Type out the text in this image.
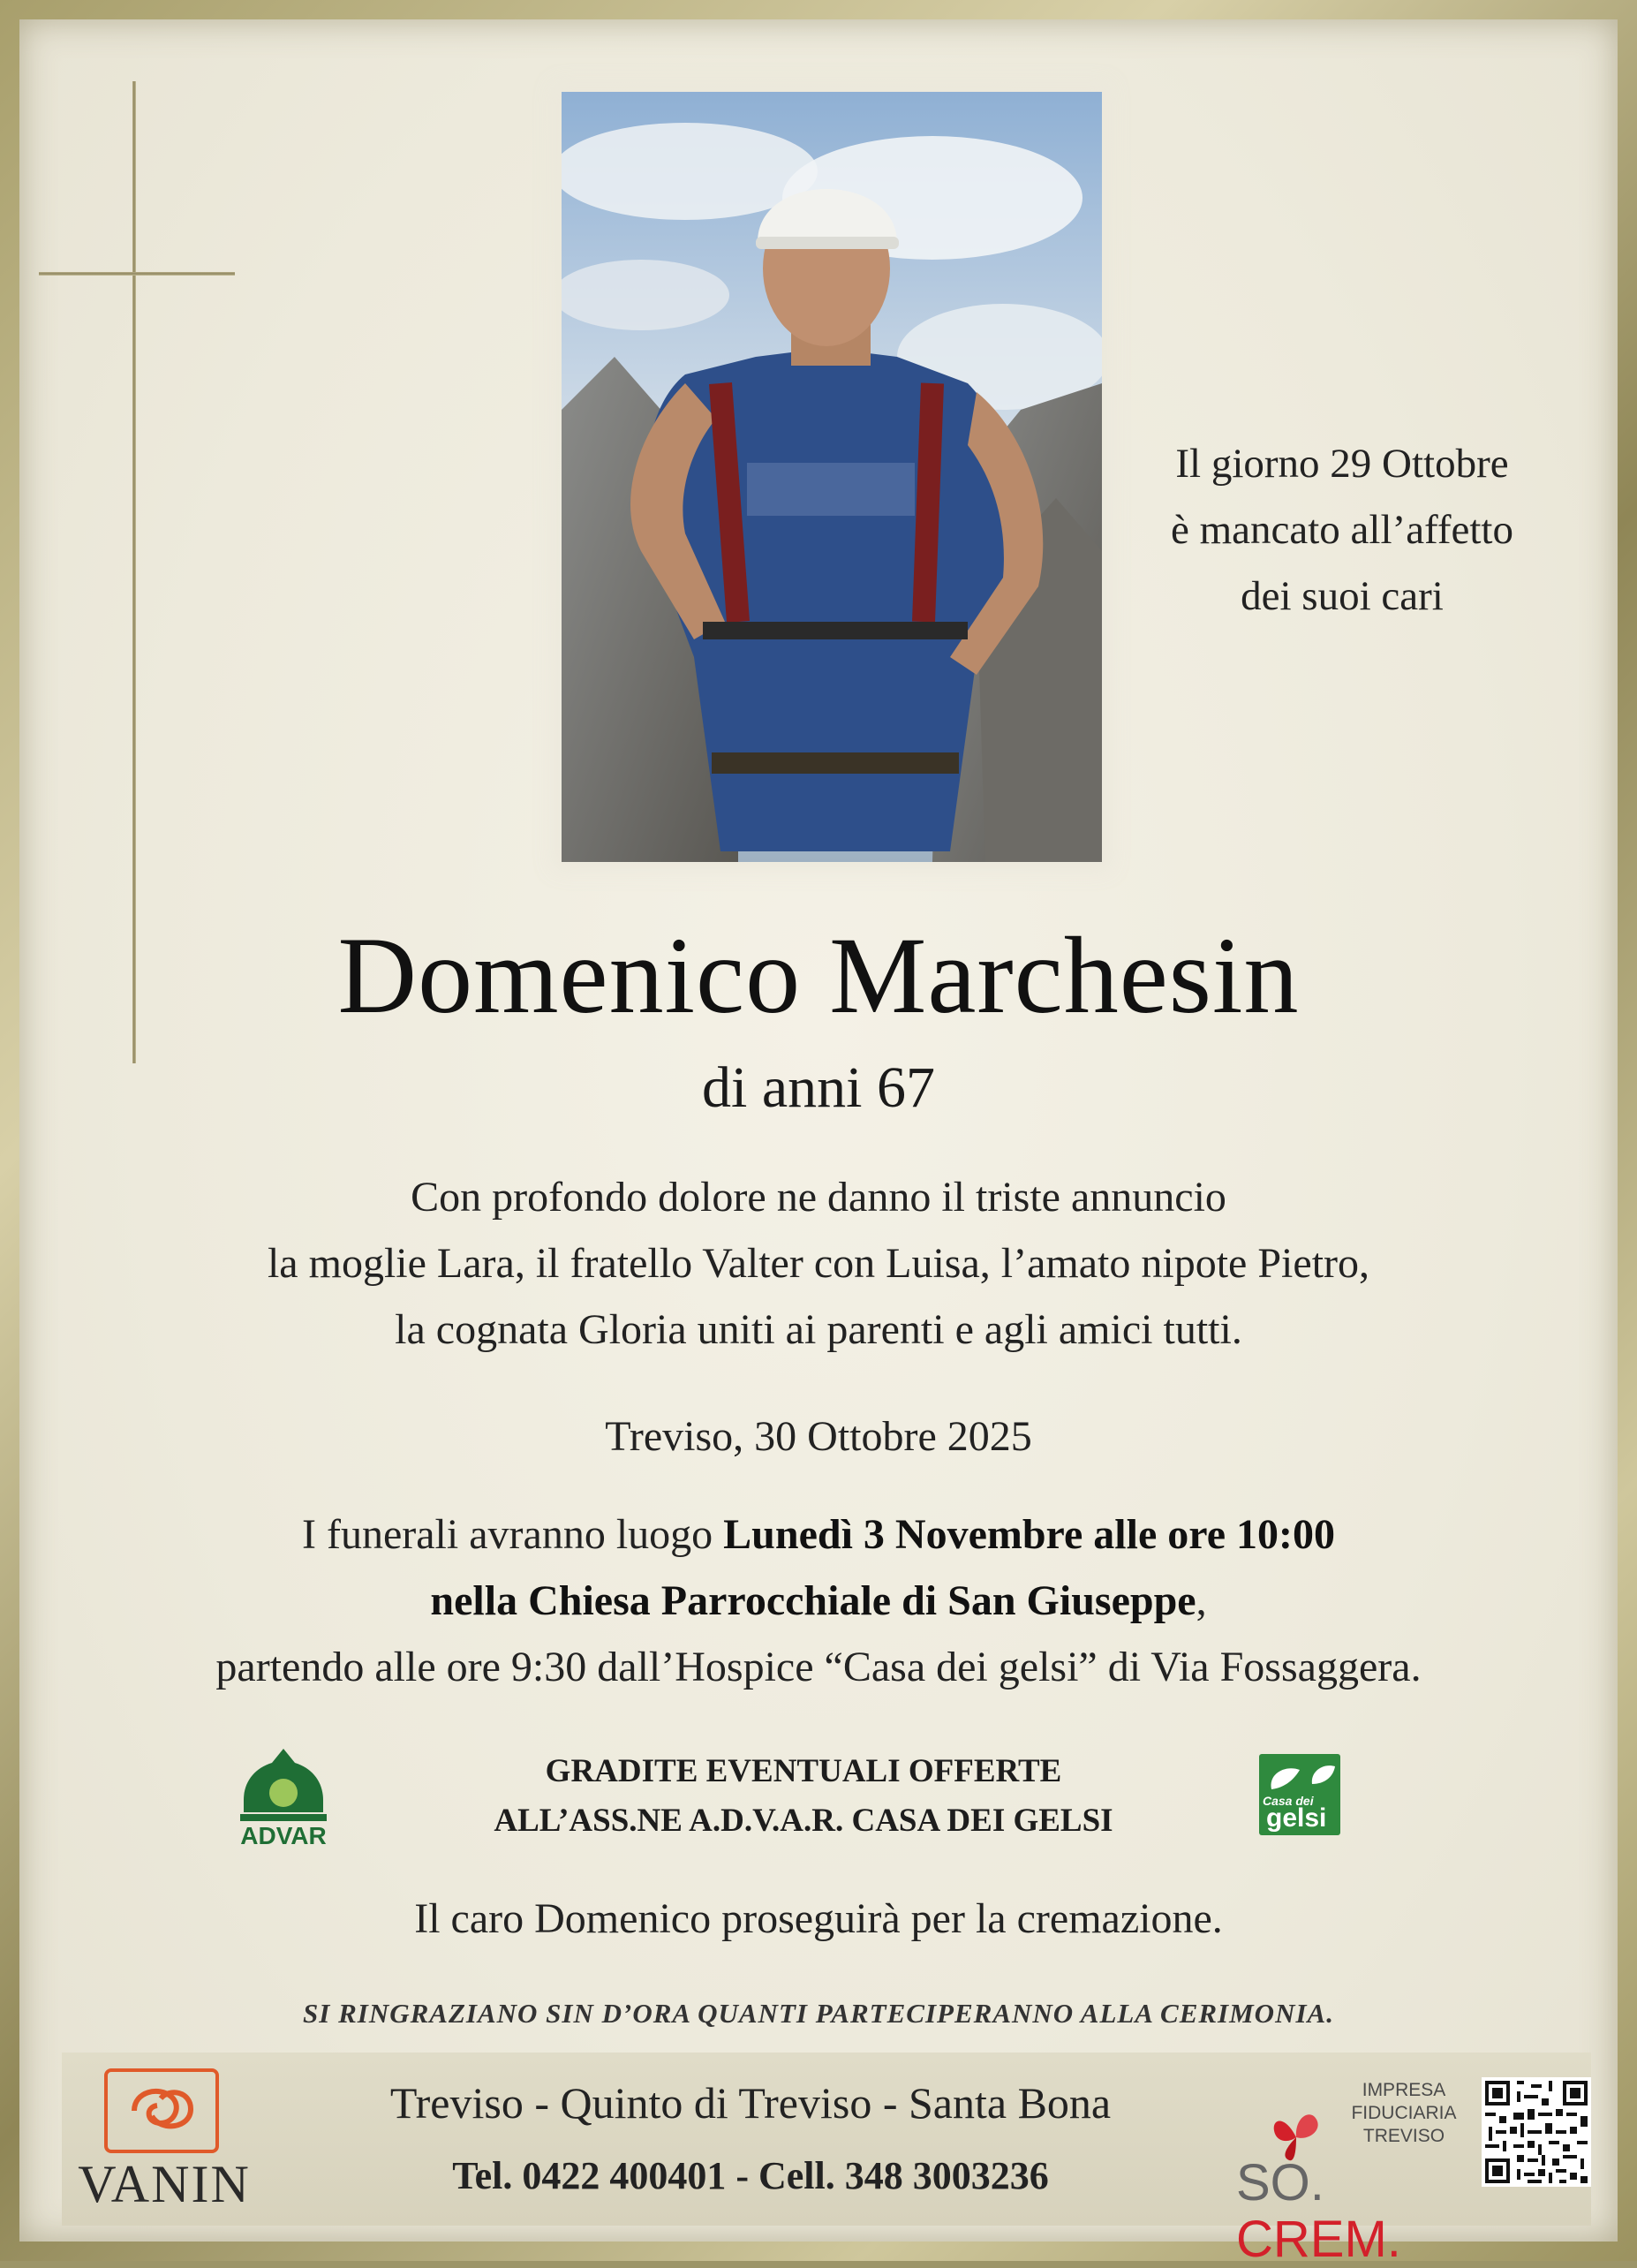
Il giorno 29 Ottobre
è mancato all’affetto
dei suoi cari
Domenico Marchesin
di anni 67
Con profondo dolore ne danno il triste annuncio
la moglie Lara, il fratello Valter con Luisa, l’amato nipote Pietro,
la cognata Gloria uniti ai parenti e agli amici tutti.
Treviso, 30 Ottobre 2025
I funerali avranno luogo Lunedì 3 Novembre alle ore 10:00
nella Chiesa Parrocchiale di San Giuseppe,
partendo alle ore 9:30 dall’Hospice “Casa dei gelsi” di Via Fossaggera.
ADVAR
GRADITE EVENTUALI OFFERTE
ALL’ASS.NE A.D.V.A.R. CASA DEI GELSI
Casa dei
gelsi
Il caro Domenico proseguirà per la cremazione.
SI RINGRAZIANO SIN D’ORA QUANTI PARTECIPERANNO ALLA CERIMONIA.
VANIN
Treviso - Quinto di Treviso - Santa Bona
Tel. 0422 400401 - Cell. 348 3003236
IMPRESA
FIDUCIARIA
TREVISO
SO. CREM.
